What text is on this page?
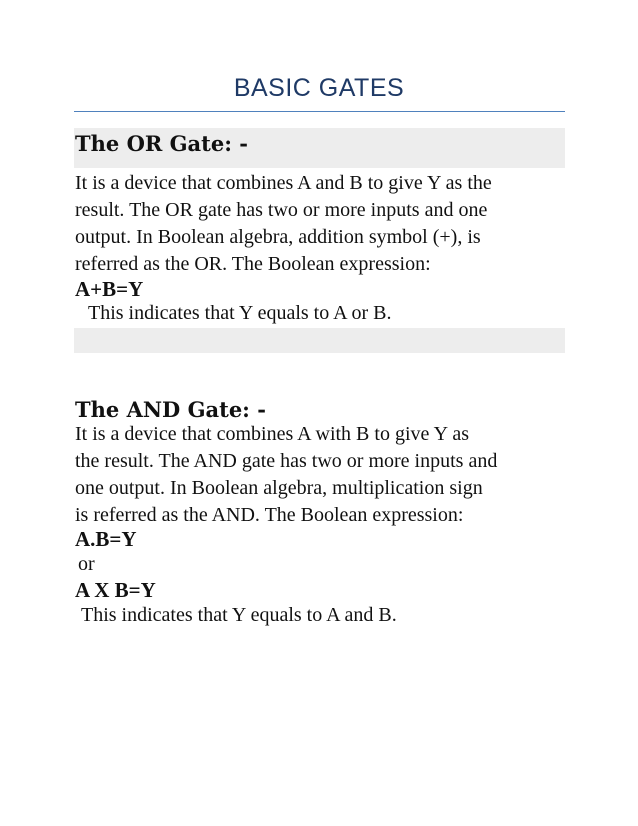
BASIC GATES
The OR Gate: -
It is a device that combines A and B to give Y as the
result. The OR gate has two or more inputs and one
output. In Boolean algebra, addition symbol (+), is
referred as the OR. The Boolean expression:
A+B=Y
This indicates that Y equals to A or B.
The AND Gate: -
It is a device that combines A with B to give Y as
the result. The AND gate has two or more inputs and
one output. In Boolean algebra, multiplication sign
is referred as the AND. The Boolean expression:
A.B=Y
or
A X B=Y
This indicates that Y equals to A and B.
